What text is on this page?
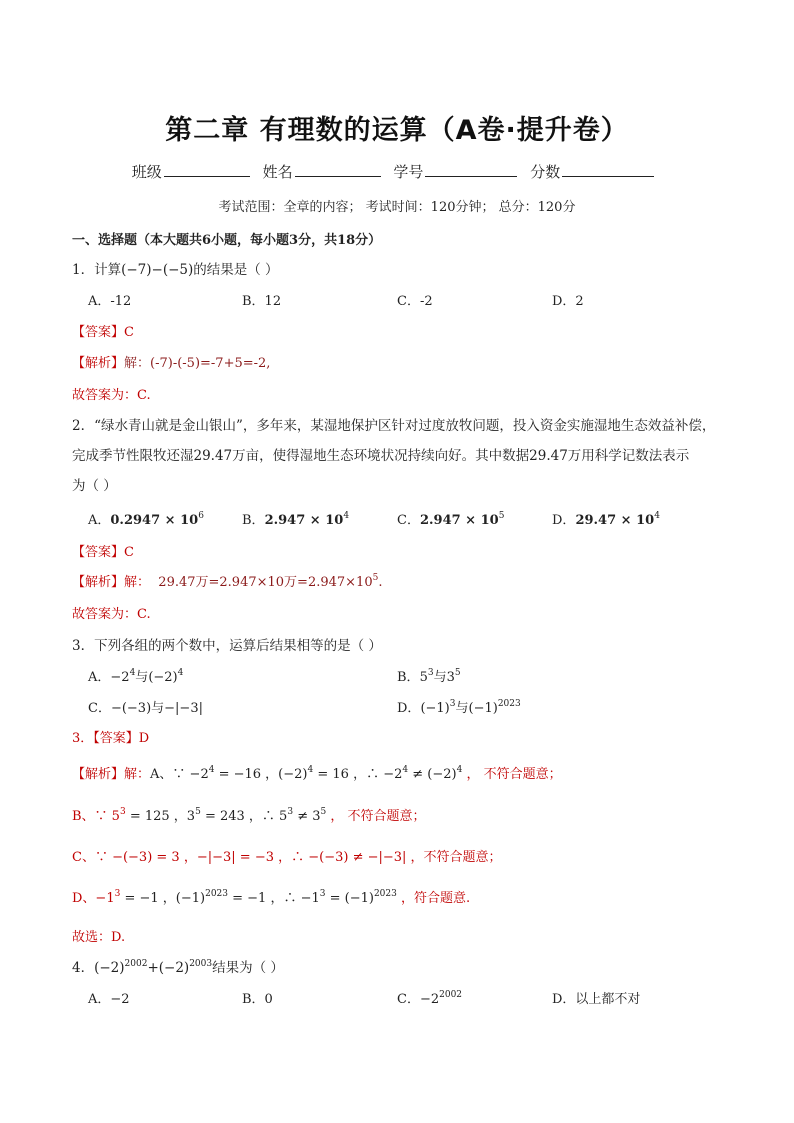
第二章 有理数的运算（A卷·提升卷）
班级	姓名	学号	分数
考试范围：全章的内容； 考试时间：120分钟； 总分：120分
一、选择题（本大题共6小题，每小题3分，共18分）
1．计算(−7)−(−5)的结果是（ ）
A．-12	B．12	C．-2	D．2
【答案】C
【解析】解：(-7)-(-5)=-7+5=-2,
故答案为：C.
2．“绿水青山就是金山银山”，多年来，某湿地保护区针对过度放牧问题，投入资金实施湿地生态效益补偿，
完成季节性限牧还湿29.47万亩，使得湿地生态环境状况持续向好。其中数据29.47万用科学记数法表示
为（ ）
A．$0.2947 \times 10^6$	B．$2.947 \times 10^4$	C．$2.947 \times 10^5$	D．$29.47 \times 10^4$
【答案】C
【解析】解： 29.47万=2.947×10万$=2.947\times 10^5$.
故答案为：C.
3．下列各组的两个数中，运算后结果相等的是（ ）
A．$-2^4$与$(-2)^4$	B．$5^3$与$3^5$
C．−(−3)与−|−3|	D．$(-1)^3$与$(-1)^{2023}$
3．【答案】D
【解析】解：A、∵ $-2^4 = -16$ ，$(-2)^4 = 16$ ，∴ $-2^4 \ne (-2)^4$ ， 不符合题意；
B、∵ $5^3 = 125$ ，$3^5 = 243$ ，∴ $5^3 \ne 3^5$ ， 不符合题意；
C、∵ −(−3) = 3 ，−|−3| = −3 ，∴ −(−3) ≠ −|−3| ，不符合题意；
D、$-1^3 = -1$ ，$(-1)^{2023} = -1$ ，∴ $-1^3 = (-1)^{2023}$ ，符合题意.
故选：D.
4．$(-2)^{2002}+(-2)^{2003}$结果为（ ）
A．−2	B．0	C．$-2^{2002}$	D．以上都不对
